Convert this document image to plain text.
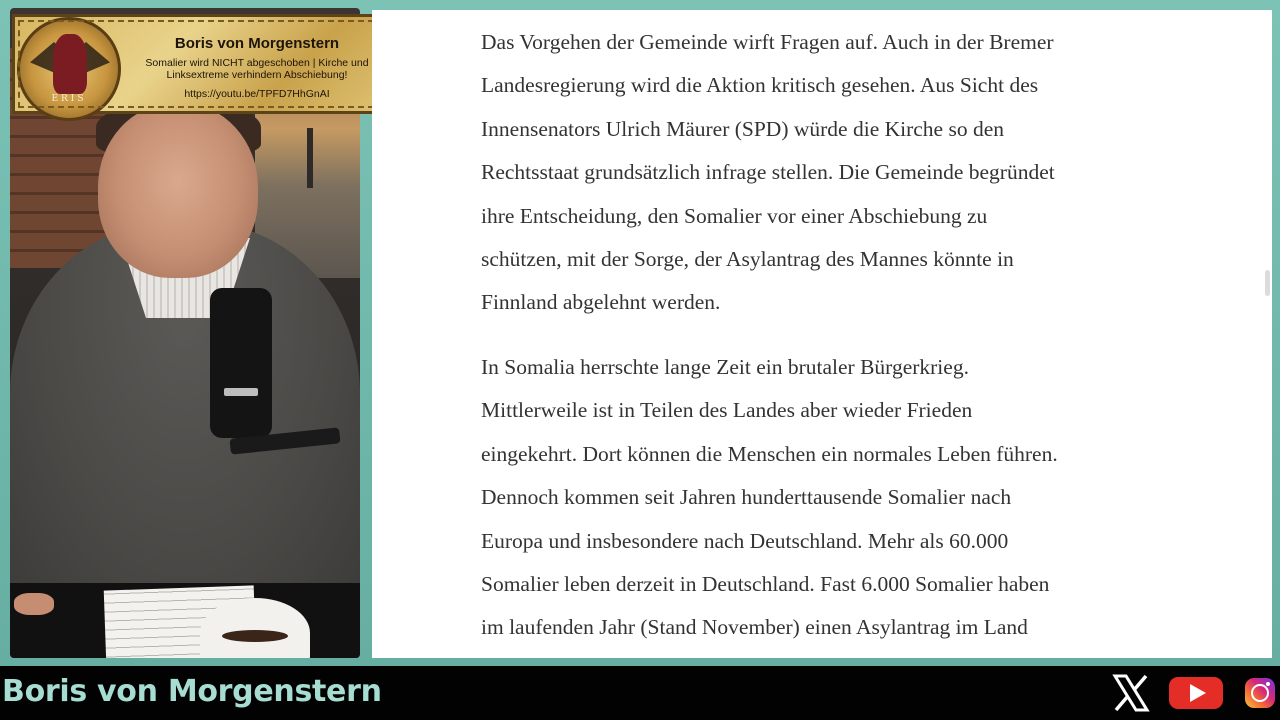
ERIS
Boris von Morgenstern
Somalier wird NICHT abgeschoben | Kirche und Linksextreme verhindern Abschiebung!
https://youtu.be/TPFD7HhGnAI
Das Vorgehen der Gemeinde wirft Fragen auf. Auch in der Bremer
Landesregierung wird die Aktion kritisch gesehen. Aus Sicht des
Innensenators Ulrich Mäurer (SPD) würde die Kirche so den
Rechtsstaat grundsätzlich infrage stellen. Die Gemeinde begründet
ihre Entscheidung, den Somalier vor einer Abschiebung zu
schützen, mit der Sorge, der Asylantrag des Mannes könnte in
Finnland abgelehnt werden.
In Somalia herrschte lange Zeit ein brutaler Bürgerkrieg.
Mittlerweile ist in Teilen des Landes aber wieder Frieden
eingekehrt. Dort können die Menschen ein normales Leben führen.
Dennoch kommen seit Jahren hunderttausende Somalier nach
Europa und insbesondere nach Deutschland. Mehr als 60.000
Somalier leben derzeit in Deutschland. Fast 6.000 Somalier haben
im laufenden Jahr (Stand November) einen Asylantrag im Land
Boris von Morgenstern
